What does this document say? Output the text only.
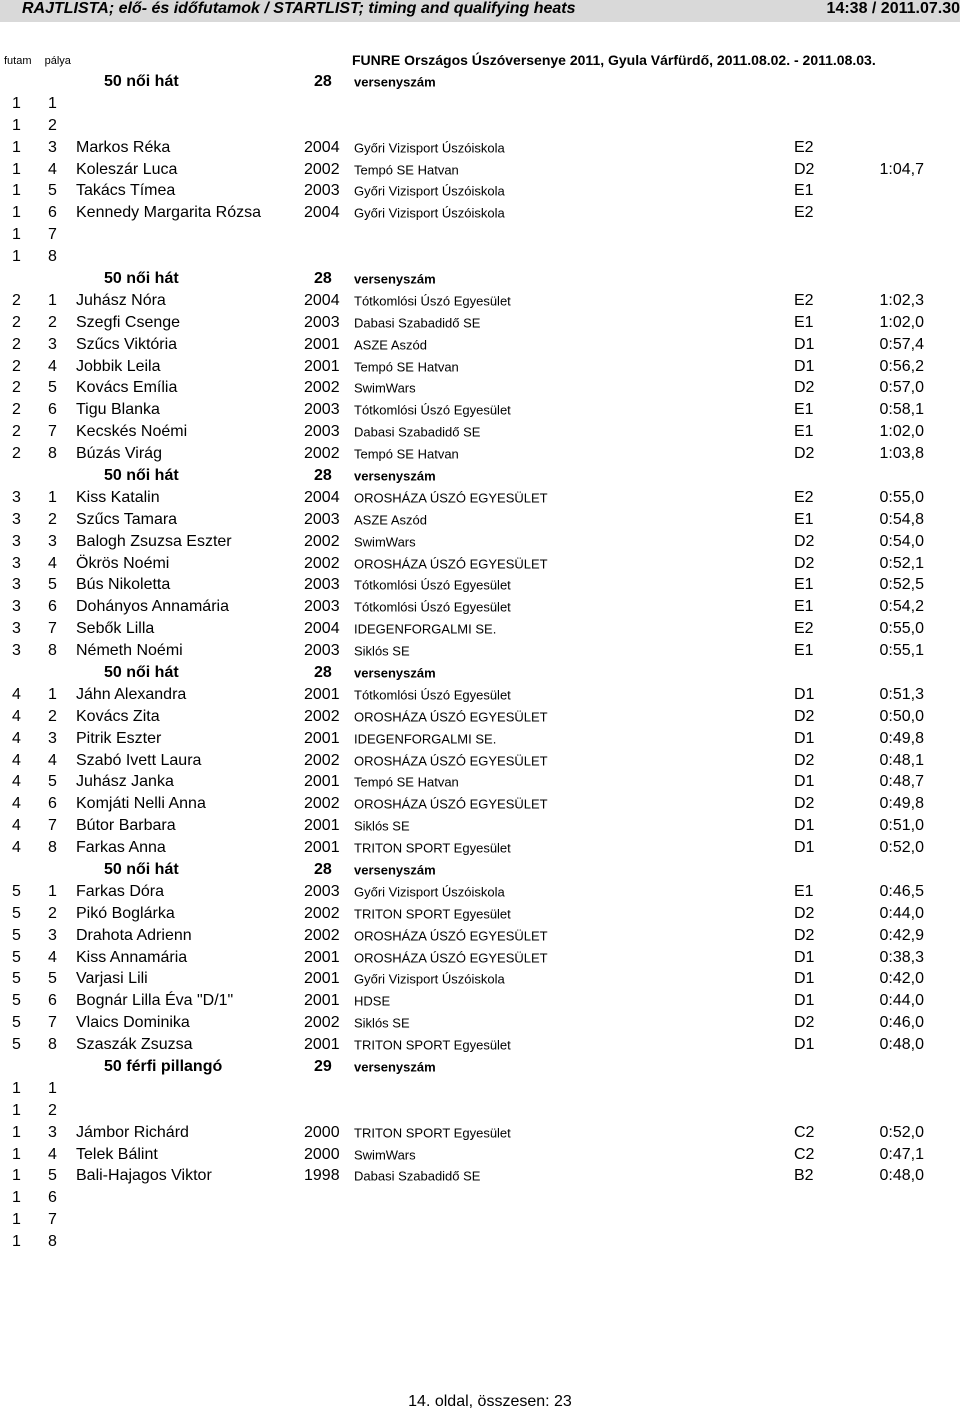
RAJTLISTA; elő- és időfutamok / STARTLIST; timing and qualifying heats	14:38 / 2011.07.30
futam pálya	FUNRE Országos Úszóversenye 2011, Gyula Várfürdő, 2011.08.02. - 2011.08.03.
50 női hát	28 versenyszám
1 1
1 2
1 3 Markos Réka	2004 Győri Vizisport Úszóiskola	E2
1 4 Koleszár Luca	2002 Tempó SE Hatvan	D2	1:04,7
1 5 Takács Tímea	2003 Győri Vizisport Úszóiskola	E1
1 6 Kennedy Margarita Rózsa	2004 Győri Vizisport Úszóiskola	E2
1 7
1 8
50 női hát	28 versenyszám
2 1 Juhász Nóra	2004 Tótkomlósi Úszó Egyesület	E2	1:02,3
2 2 Szegfi Csenge	2003 Dabasi Szabadidő SE	E1	1:02,0
2 3 Szűcs Viktória	2001 ASZE Aszód	D1	0:57,4
2 4 Jobbik Leila	2001 Tempó SE Hatvan	D1	0:56,2
2 5 Kovács Emília	2002 SwimWars	D2	0:57,0
2 6 Tigu Blanka	2003 Tótkomlósi Úszó Egyesület	E1	0:58,1
2 7 Kecskés Noémi	2003 Dabasi Szabadidő SE	E1	1:02,0
2 8 Búzás Virág	2002 Tempó SE Hatvan	D2	1:03,8
50 női hát	28 versenyszám
3 1 Kiss Katalin	2004 OROSHÁZA ÚSZÓ EGYESÜLET	E2	0:55,0
3 2 Szűcs Tamara	2003 ASZE Aszód	E1	0:54,8
3 3 Balogh Zsuzsa Eszter	2002 SwimWars	D2	0:54,0
3 4 Ökrös Noémi	2002 OROSHÁZA ÚSZÓ EGYESÜLET	D2	0:52,1
3 5 Bús Nikoletta	2003 Tótkomlósi Úszó Egyesület	E1	0:52,5
3 6 Dohányos Annamária	2003 Tótkomlósi Úszó Egyesület	E1	0:54,2
3 7 Sebők Lilla	2004 IDEGENFORGALMI SE.	E2	0:55,0
3 8 Németh Noémi	2003 Siklós SE	E1	0:55,1
50 női hát	28 versenyszám
4 1 Jáhn Alexandra	2001 Tótkomlósi Úszó Egyesület	D1	0:51,3
4 2 Kovács Zita	2002 OROSHÁZA ÚSZÓ EGYESÜLET	D2	0:50,0
4 3 Pitrik Eszter	2001 IDEGENFORGALMI SE.	D1	0:49,8
4 4 Szabó Ivett Laura	2002 OROSHÁZA ÚSZÓ EGYESÜLET	D2	0:48,1
4 5 Juhász Janka	2001 Tempó SE Hatvan	D1	0:48,7
4 6 Komjáti Nelli Anna	2002 OROSHÁZA ÚSZÓ EGYESÜLET	D2	0:49,8
4 7 Bútor Barbara	2001 Siklós SE	D1	0:51,0
4 8 Farkas Anna	2001 TRITON SPORT Egyesület	D1	0:52,0
50 női hát	28 versenyszám
5 1 Farkas Dóra	2003 Győri Vizisport Úszóiskola	E1	0:46,5
5 2 Pikó Boglárka	2002 TRITON SPORT Egyesület	D2	0:44,0
5 3 Drahota Adrienn	2002 OROSHÁZA ÚSZÓ EGYESÜLET	D2	0:42,9
5 4 Kiss Annamária	2001 OROSHÁZA ÚSZÓ EGYESÜLET	D1	0:38,3
5 5 Varjasi Lili	2001 Győri Vizisport Úszóiskola	D1	0:42,0
5 6 Bognár Lilla Éva "D/1"	2001 HDSE	D1	0:44,0
5 7 Vlaics Dominika	2002 Siklós SE	D2	0:46,0
5 8 Szaszák Zsuzsa	2001 TRITON SPORT Egyesület	D1	0:48,0
50 férfi pillangó	29 versenyszám
1 1
1 2
1 3 Jámbor Richárd	2000 TRITON SPORT Egyesület	C2	0:52,0
1 4 Telek Bálint	2000 SwimWars	C2	0:47,1
1 5 Bali-Hajagos Viktor	1998 Dabasi Szabadidő SE	B2	0:48,0
1 6
1 7
1 8
14. oldal, összesen: 23
